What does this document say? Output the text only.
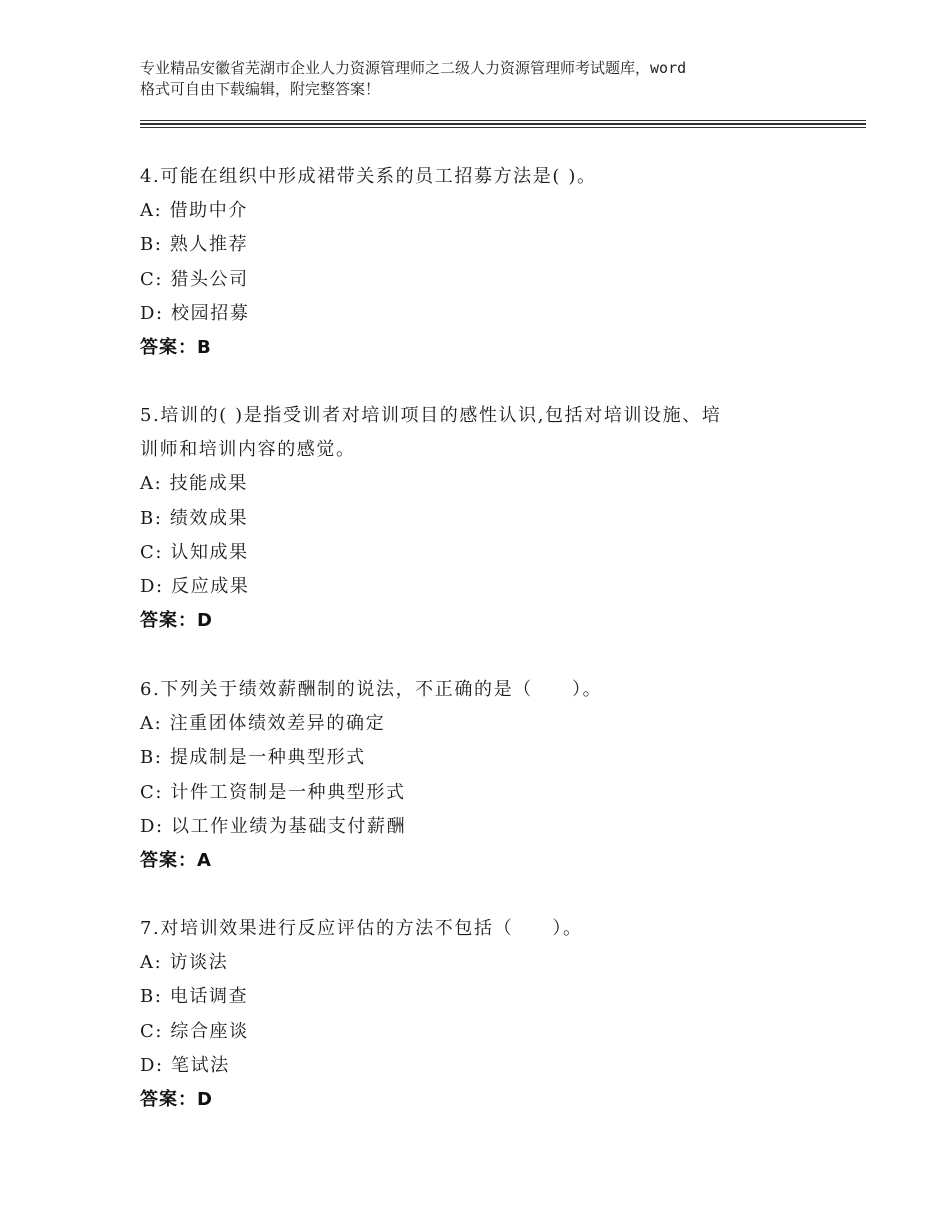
专业精品安徽省芜湖市企业人力资源管理师之二级人力资源管理师考试题库，word
格式可自由下载编辑，附完整答案！
4.可能在组织中形成裙带关系的员工招募方法是( )。
A: 借助中介
B: 熟人推荐
C: 猎头公司
D: 校园招募
答案：B
5.培训的( )是指受训者对培训项目的感性认识,包括对培训设施、培
训师和培训内容的感觉。
A: 技能成果
B: 绩效成果
C: 认知成果
D: 反应成果
答案：D
6.下列关于绩效薪酬制的说法，不正确的是（　　）。
A: 注重团体绩效差异的确定
B: 提成制是一种典型形式
C: 计件工资制是一种典型形式
D: 以工作业绩为基础支付薪酬
答案：A
7.对培训效果进行反应评估的方法不包括（　　）。
A: 访谈法
B: 电话调查
C: 综合座谈
D: 笔试法
答案：D
